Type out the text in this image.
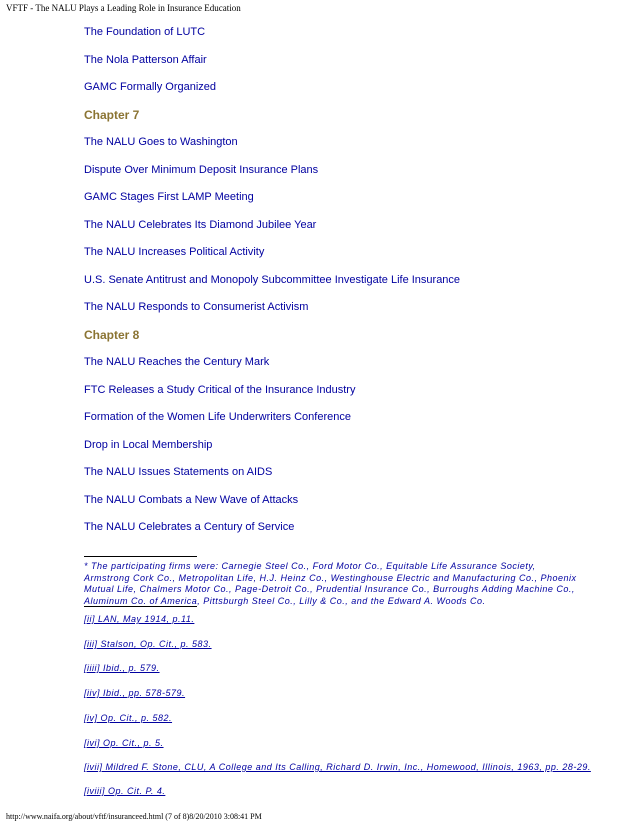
VFTF - The NALU Plays a Leading Role in Insurance Education
The Foundation of LUTC
The Nola Patterson Affair
GAMC Formally Organized
Chapter 7
The NALU Goes to Washington
Dispute Over Minimum Deposit Insurance Plans
GAMC Stages First LAMP Meeting
The NALU Celebrates Its Diamond Jubilee Year
The NALU Increases Political Activity
U.S. Senate Antitrust and Monopoly Subcommittee Investigate Life Insurance
The NALU Responds to Consumerist Activism
Chapter 8
The NALU Reaches the Century Mark
FTC Releases a Study Critical of the Insurance Industry
Formation of the Women Life Underwriters Conference
Drop in Local Membership
The NALU Issues Statements on AIDS
The NALU Combats a New Wave of Attacks
The NALU Celebrates a Century of Service
* The participating firms were: Carnegie Steel Co., Ford Motor Co., Equitable Life Assurance Society, Armstrong Cork Co., Metropolitan Life, H.J. Heinz Co., Westinghouse Electric and Manufacturing Co., Phoenix Mutual Life, Chalmers Motor Co., Page-Detroit Co., Prudential Insurance Co., Burroughs Adding Machine Co., Aluminum Co. of America, Pittsburgh Steel Co., Lilly & Co., and the Edward A. Woods Co.
[ii] LAN, May 1914, p.11.
[iii] Stalson, Op. Cit., p. 583.
[iiii] Ibid., p. 579.
[iiv] Ibid., pp. 578-579.
[iv] Op. Cit., p. 582.
[ivi] Op. Cit., p. 5.
[ivii] Mildred F. Stone, CLU, A College and Its Calling, Richard D. Irwin, Inc., Homewood, Illinois, 1963, pp. 28-29.
[iviii] Op. Cit. P. 4.
http://www.naifa.org/about/vftf/insuranceed.html (7 of 8)8/20/2010 3:08:41 PM
